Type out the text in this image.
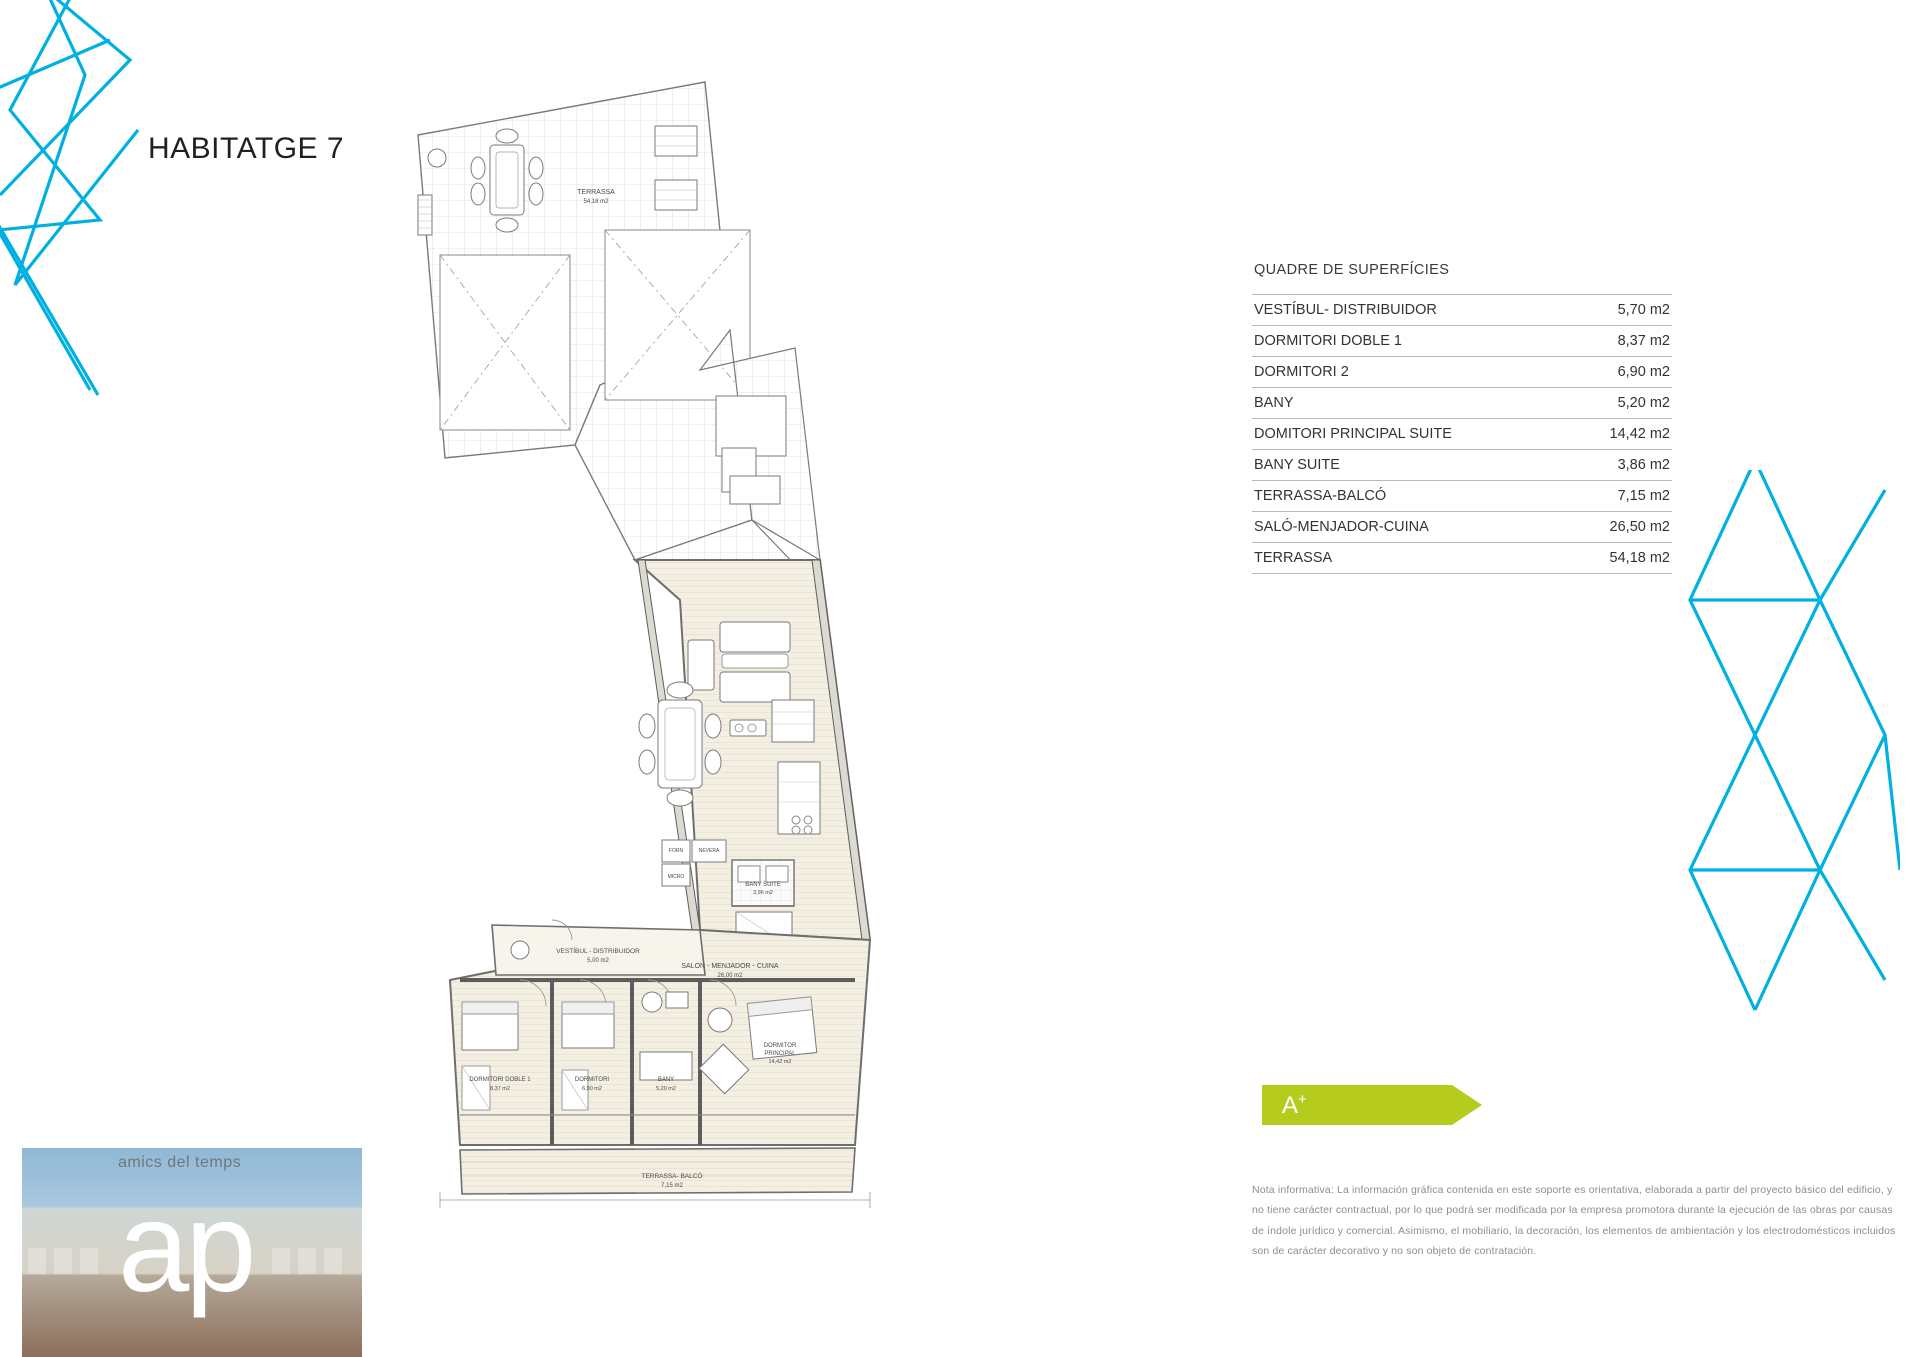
HABITATGE 7
TERRASSA
54,18 m2
SALON - MENJADOR - CUINA
26,00 m2
VESTÍBUL - DISTRIBUIDOR
5,00 m2
BANY SUITE
3,96 m2
DORMITORI DOBLE 1
8,37 m2
DORMITORI
6,90 m2
BANY
5,20 m2
DORMITOR
PRINCIPAL
14,42 m2
TERRASSA- BALCÓ
7,15 m2
FORN	NEVERA
MICRO
QUADRE DE SUPERFÍCIES
VESTÍBUL- DISTRIBUIDOR	5,70 m2
DORMITORI DOBLE 1	8,37 m2
DORMITORI 2	6,90 m2
BANY	5,20 m2
DOMITORI PRINCIPAL SUITE	14,42 m2
BANY SUITE	3,86 m2
TERRASSA-BALCÓ	7,15 m2
SALÓ-MENJADOR-CUINA	26,50 m2
TERRASSA	54,18 m2
A+
Nota informativa: La información gráfica contenida en este soporte es orientativa, elaborada a partir del proyecto básico del edificio, y no tiene carácter contractual, por lo que podrá ser modificada por la empresa promotora durante la ejecución de las obras por causas de índole jurídico y comercial. Asimismo, el mobiliario, la decoración, los elementos de ambientación y los electrodomésticos incluidos son de carácter decorativo y no son objeto de contratación.
amics del temps
ap
